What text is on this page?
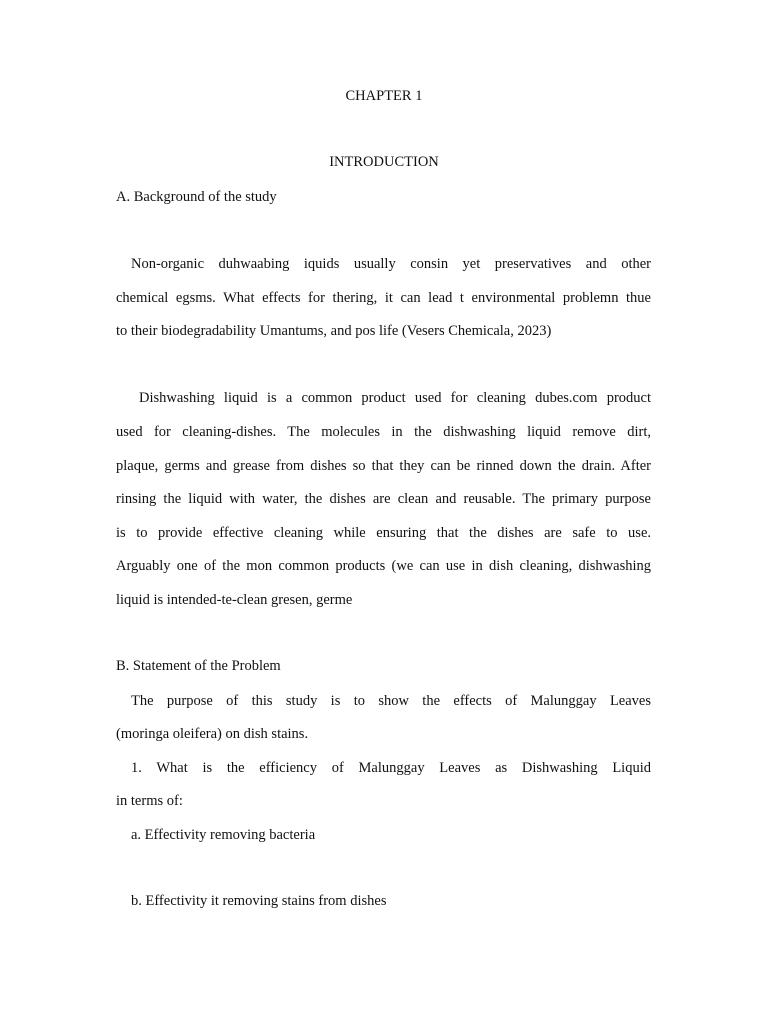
CHAPTER 1
INTRODUCTION
A. Background of the study
Non-organic duhwaabing iquids usually consin yet preservatives and other
chemical egsms. What effects for thering, it can lead t environmental problemn thue
to their biodegradability Umantums, and pos life (Vesers Chemicala, 2023)
Dishwashing liquid is a common product used for cleaning dubes.com product
used for cleaning-dishes. The molecules in the dishwashing liquid remove dirt,
plaque, germs and grease from dishes so that they can be rinned down the drain. After
rinsing the liquid with water, the dishes are clean and reusable. The primary purpose
is to provide effective cleaning while ensuring that the dishes are safe to use.
Arguably one of the mon common products (we can use in dish cleaning, dishwashing
liquid is intended-te-clean gresen, germe
B. Statement of the Problem
The purpose of this study is to show the effects of Malunggay Leaves
(moringa oleifera) on dish stains.
1. What is the efficiency of Malunggay Leaves as Dishwashing Liquid
in terms of:
a. Effectivity removing bacteria
b. Effectivity it removing stains from dishes
